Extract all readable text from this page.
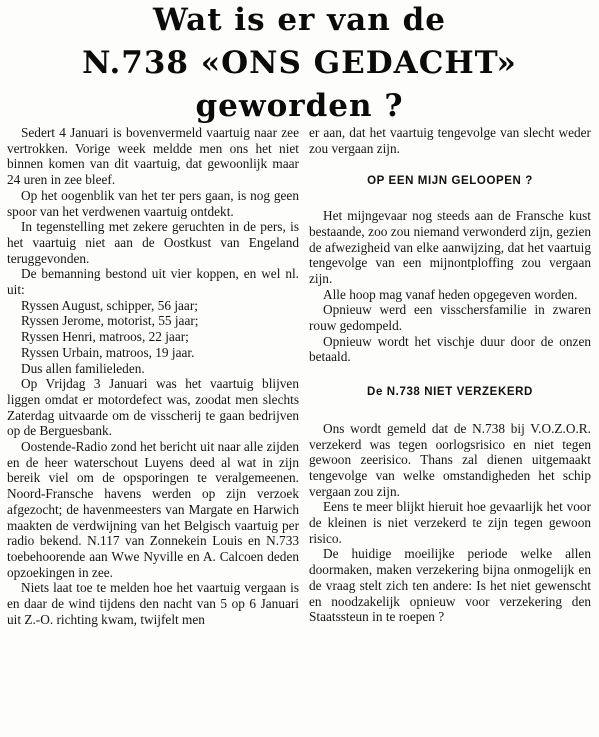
Wat is er van de
N.738 «ONS GEDACHT»
geworden ?

Sedert 4 Januari is bovenvermeld vaartuig naar zee vertrokken. Vorige week meldde men ons het niet binnen komen van dit vaartuig, dat gewoonlijk maar 24 uren in zee bleef.

Op het oogenblik van het ter pers gaan, is nog geen spoor van het verdwenen vaartuig ontdekt.

In tegenstelling met zekere geruchten in de pers, is het vaartuig niet aan de Oostkust van Engeland teruggevonden.

De bemanning bestond uit vier koppen, en wel nl. uit:

Ryssen August, schipper, 56 jaar;
Ryssen Jerome, motorist, 55 jaar;
Ryssen Henri, matroos, 22 jaar;
Ryssen Urbain, matroos, 19 jaar.

Dus allen familieleden.

Op Vrijdag 3 Januari was het vaartuig blijven liggen omdat er motordefect was, zoodat men slechts Zaterdag uitvaarde om de visscherij te gaan bedrijven op de Berguesbank.

Oostende-Radio zond het bericht uit naar alle zijden en de heer waterschout Luyens deed al wat in zijn bereik viel om de opsporingen te veralgemeenen. Noord-Fransche havens werden op zijn verzoek afgezocht; de havenmeesters van Margate en Harwich maakten de verdwijning van het Belgisch vaartuig per radio bekend. N.117 van Zonnekein Louis en N.733 toebehoorende aan Wwe Nyville en A. Calcoen deden opzoekingen in zee.

Niets laat toe te melden hoe het vaartuig vergaan is en daar de wind tijdens den nacht van 5 op 6 Januari uit Z.-O. richting kwam, twijfelt men

er aan, dat het vaartuig tengevolge van slecht weder zou vergaan zijn.

OP EEN MIJN GELOOPEN ?

Het mijngevaar nog steeds aan de Fransche kust bestaande, zoo zou niemand verwonderd zijn, gezien de afwezigheid van elke aanwijzing, dat het vaartuig tengevolge van een mijnontploffing zou vergaan zijn.

Alle hoop mag vanaf heden opgegeven worden.

Opnieuw werd een visschersfamilie in zwaren rouw gedompeld.

Opnieuw wordt het vischje duur door de onzen betaald.

De N.738 NIET VERZEKERD

Ons wordt gemeld dat de N.738 bij V.O.Z.O.R. verzekerd was tegen oorlogsrisico en niet tegen gewoon zeerisico. Thans zal dienen uitgemaakt tengevolge van welke omstandigheden het schip vergaan zou zijn.

Eens te meer blijkt hieruit hoe gevaarlijk het voor de kleinen is niet verzekerd te zijn tegen gewoon risico.

De huidige moeilijke periode welke allen doormaken, maken verzekering bijna onmogelijk en de vraag stelt zich ten andere: Is het niet gewenscht en noodzakelijk opnieuw voor verzekering den Staatssteun in te roepen ?
